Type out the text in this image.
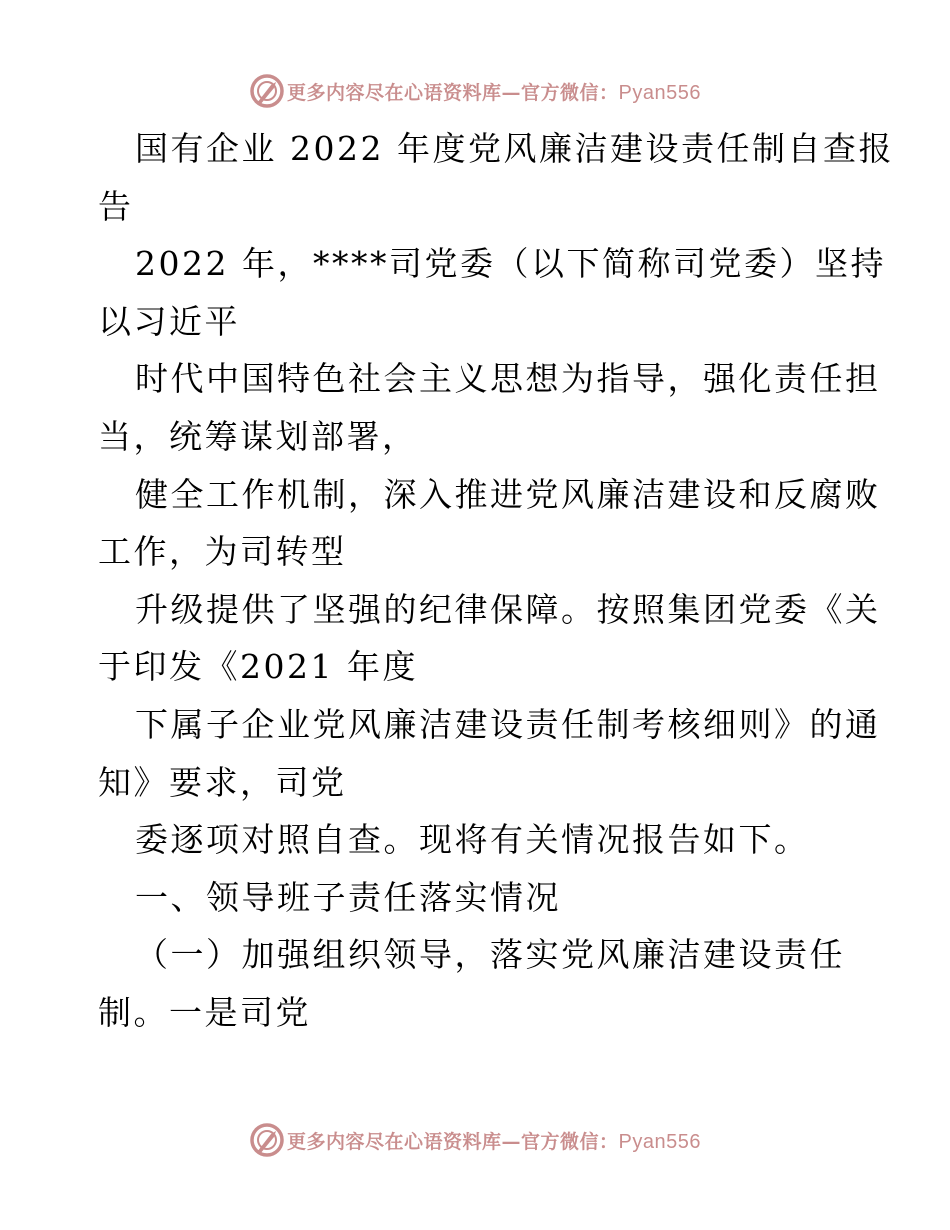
更多内容尽在心语资料库—官方微信：Pyan556
国有企业 2022 年度党风廉洁建设责任制自查报
告
2022 年，****司党委（以下简称司党委）坚持
以习近平
时代中国特色社会主义思想为指导，强化责任担
当，统筹谋划部署，
健全工作机制，深入推进党风廉洁建设和反腐败
工作，为司转型
升级提供了坚强的纪律保障。按照集团党委《关
于印发《2021 年度
下属子企业党风廉洁建设责任制考核细则》的通
知》要求，司党
委逐项对照自查。现将有关情况报告如下。
一、领导班子责任落实情况
（一）加强组织领导，落实党风廉洁建设责任
制。一是司党
更多内容尽在心语资料库—官方微信：Pyan556
